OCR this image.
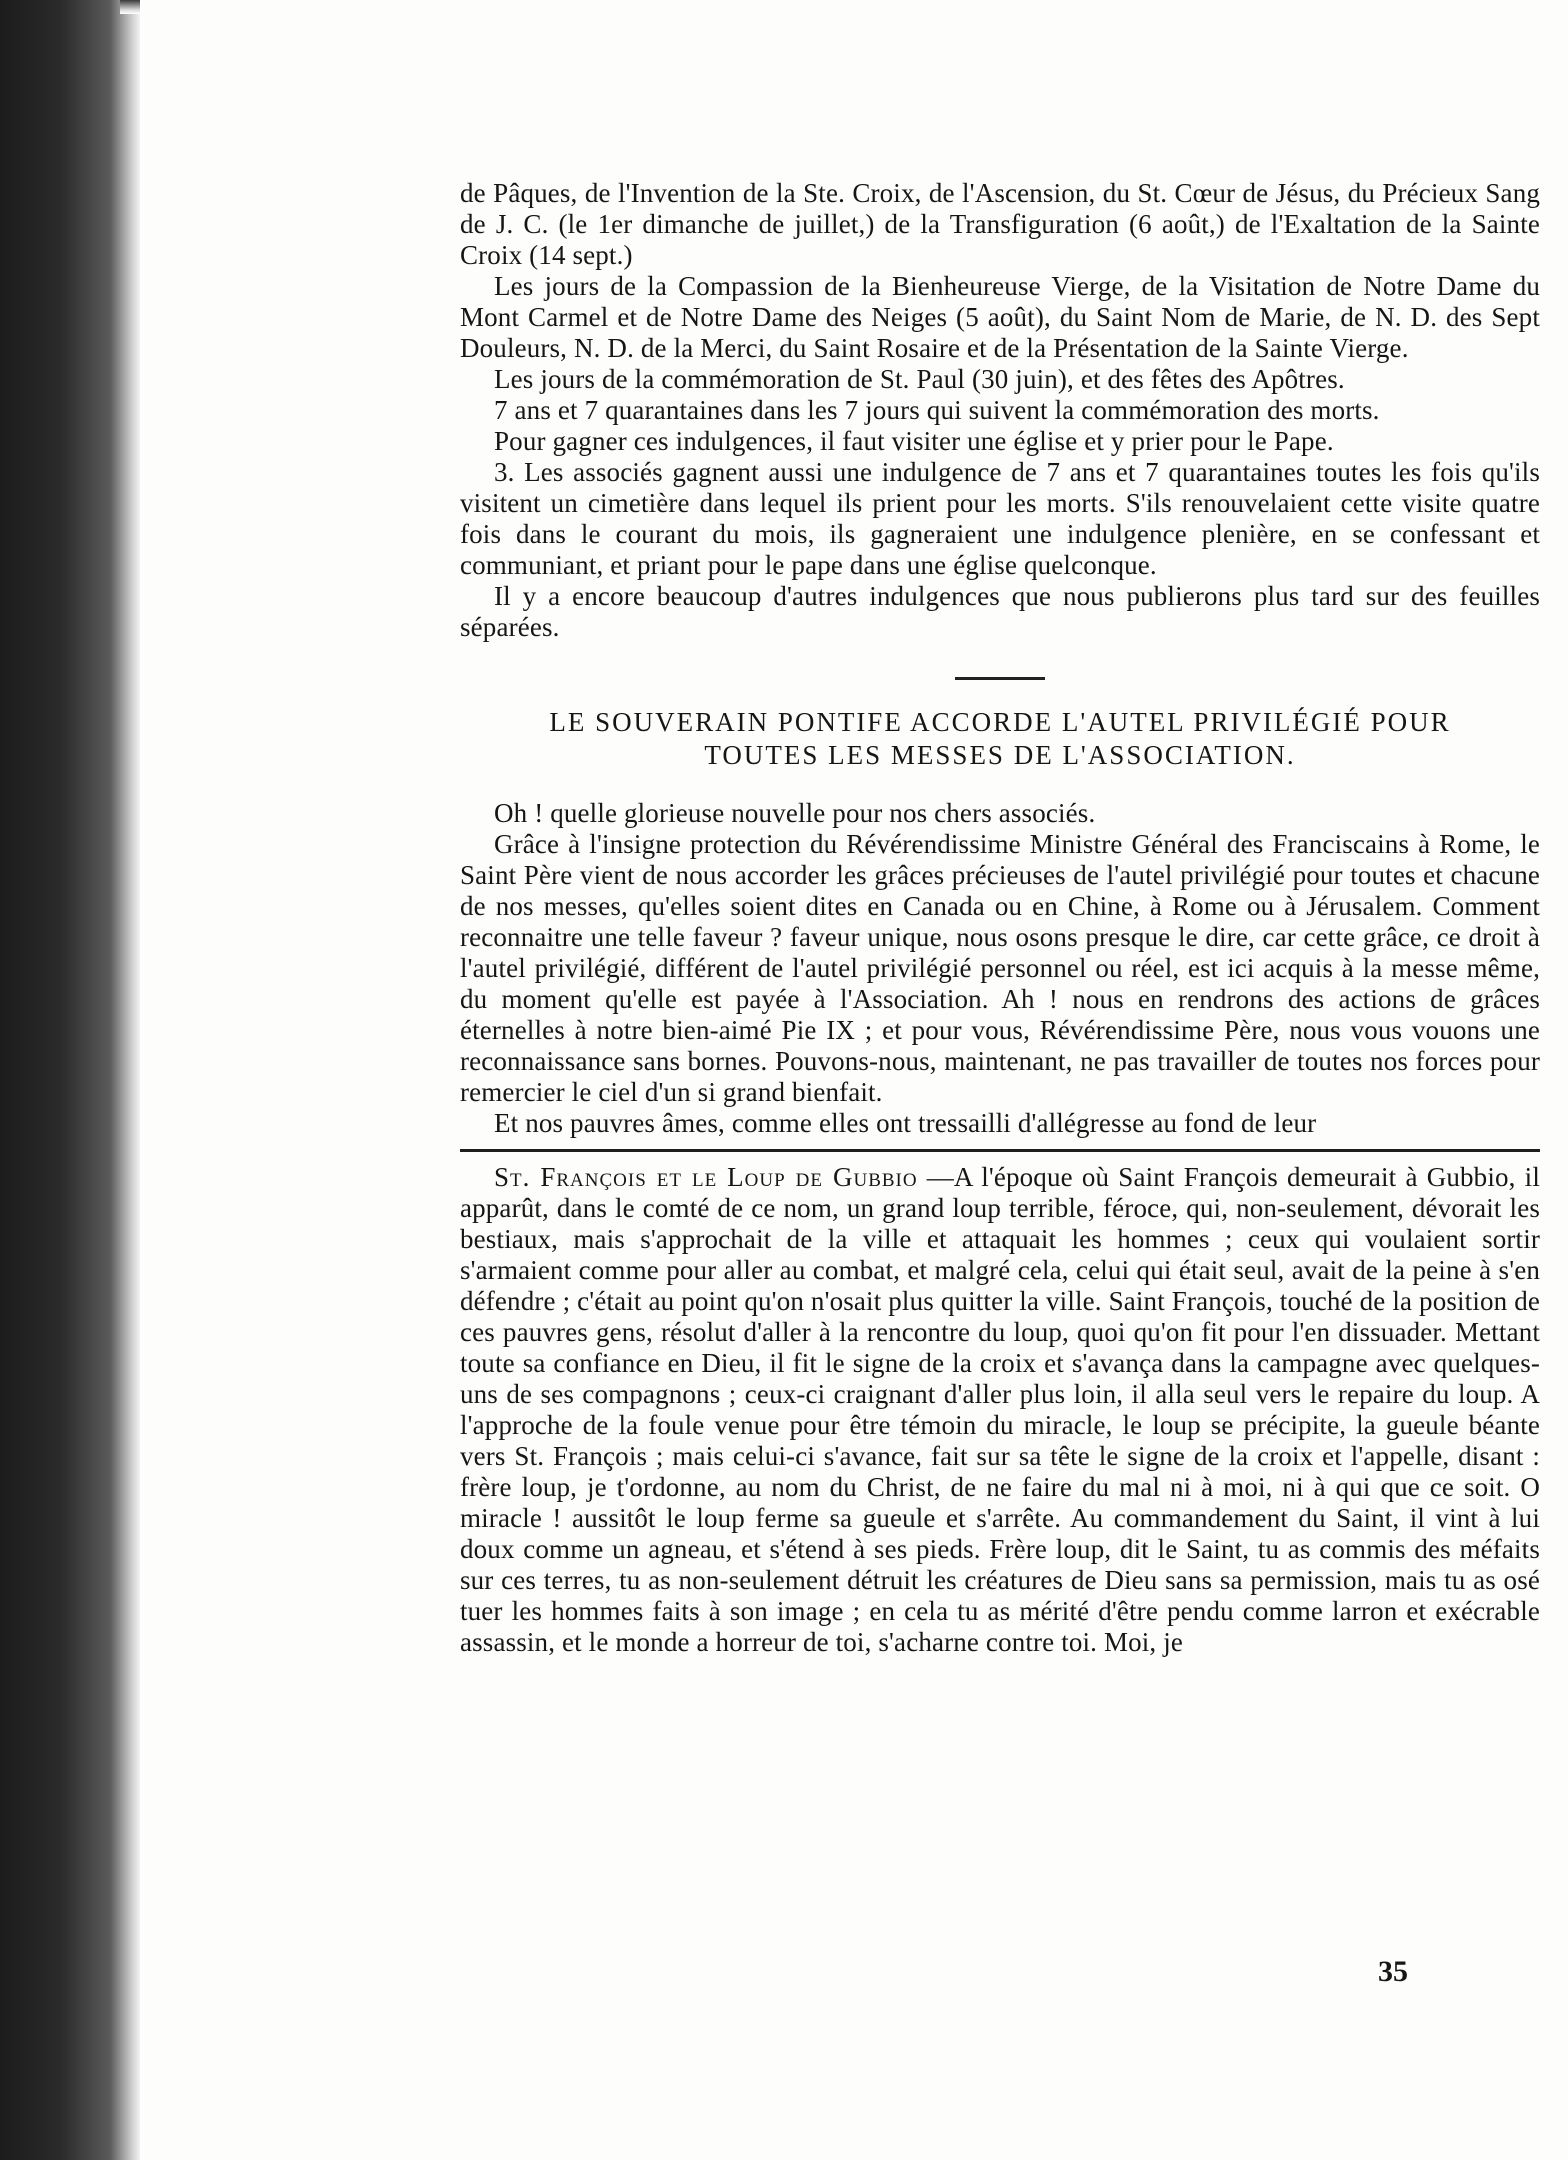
de Pâques, de l'Invention de la Ste. Croix, de l'Ascension, du St. Cœur de Jésus, du Précieux Sang de J. C. (le 1er dimanche de juillet,) de la Transfiguration (6 août,) de l'Exaltation de la Sainte Croix (14 sept.)

Les jours de la Compassion de la Bienheureuse Vierge, de la Visitation de Notre Dame du Mont Carmel et de Notre Dame des Neiges (5 août), du Saint Nom de Marie, de N. D. des Sept Douleurs, N. D. de la Merci, du Saint Rosaire et de la Présentation de la Sainte Vierge.

Les jours de la commémoration de St. Paul (30 juin), et des fêtes des Apôtres.

7 ans et 7 quarantaines dans les 7 jours qui suivent la commémoration des morts.

Pour gagner ces indulgences, il faut visiter une église et y prier pour le Pape.

3. Les associés gagnent aussi une indulgence de 7 ans et 7 quarantaines toutes les fois qu'ils visitent un cimetière dans lequel ils prient pour les morts. S'ils renouvelaient cette visite quatre fois dans le courant du mois, ils gagneraient une indulgence plenière, en se confessant et communiant, et priant pour le pape dans une église quelconque.

Il y a encore beaucoup d'autres indulgences que nous publierons plus tard sur des feuilles séparées.

LE SOUVERAIN PONTIFE ACCORDE L'AUTEL PRIVILÉGIÉ POUR
TOUTES LES MESSES DE L'ASSOCIATION.

Oh ! quelle glorieuse nouvelle pour nos chers associés.

Grâce à l'insigne protection du Révérendissime Ministre Général des Franciscains à Rome, le Saint Père vient de nous accorder les grâces précieuses de l'autel privilégié pour toutes et chacune de nos messes, qu'elles soient dites en Canada ou en Chine, à Rome ou à Jérusalem. Comment reconnaitre une telle faveur ? faveur unique, nous osons presque le dire, car cette grâce, ce droit à l'autel privilégié, différent de l'autel privilégié personnel ou réel, est ici acquis à la messe même, du moment qu'elle est payée à l'Association. Ah ! nous en rendrons des actions de grâces éternelles à notre bien-aimé Pie IX ; et pour vous, Révérendissime Père, nous vous vouons une reconnaissance sans bornes. Pouvons-nous, maintenant, ne pas travailler de toutes nos forces pour remercier le ciel d'un si grand bienfait.

Et nos pauvres âmes, comme elles ont tressailli d'allégresse au fond de leur

St. François et le Loup de Gubbio —A l'époque où Saint François demeurait à Gubbio, il apparût, dans le comté de ce nom, un grand loup terrible, féroce, qui, non-seulement, dévorait les bestiaux, mais s'approchait de la ville et attaquait les hommes ; ceux qui voulaient sortir s'armaient comme pour aller au combat, et malgré cela, celui qui était seul, avait de la peine à s'en défendre ; c'était au point qu'on n'osait plus quitter la ville. Saint François, touché de la position de ces pauvres gens, résolut d'aller à la rencontre du loup, quoi qu'on fit pour l'en dissuader. Mettant toute sa confiance en Dieu, il fit le signe de la croix et s'avança dans la campagne avec quelques-uns de ses compagnons ; ceux-ci craignant d'aller plus loin, il alla seul vers le repaire du loup. A l'approche de la foule venue pour être témoin du miracle, le loup se précipite, la gueule béante vers St. François ; mais celui-ci s'avance, fait sur sa tête le signe de la croix et l'appelle, disant : frère loup, je t'ordonne, au nom du Christ, de ne faire du mal ni à moi, ni à qui que ce soit. O miracle ! aussitôt le loup ferme sa gueule et s'arrête. Au commandement du Saint, il vint à lui doux comme un agneau, et s'étend à ses pieds. Frère loup, dit le Saint, tu as commis des méfaits sur ces terres, tu as non-seulement détruit les créatures de Dieu sans sa permission, mais tu as osé tuer les hommes faits à son image ; en cela tu as mérité d'être pendu comme larron et exécrable assassin, et le monde a horreur de toi, s'acharne contre toi. Moi, je

35
